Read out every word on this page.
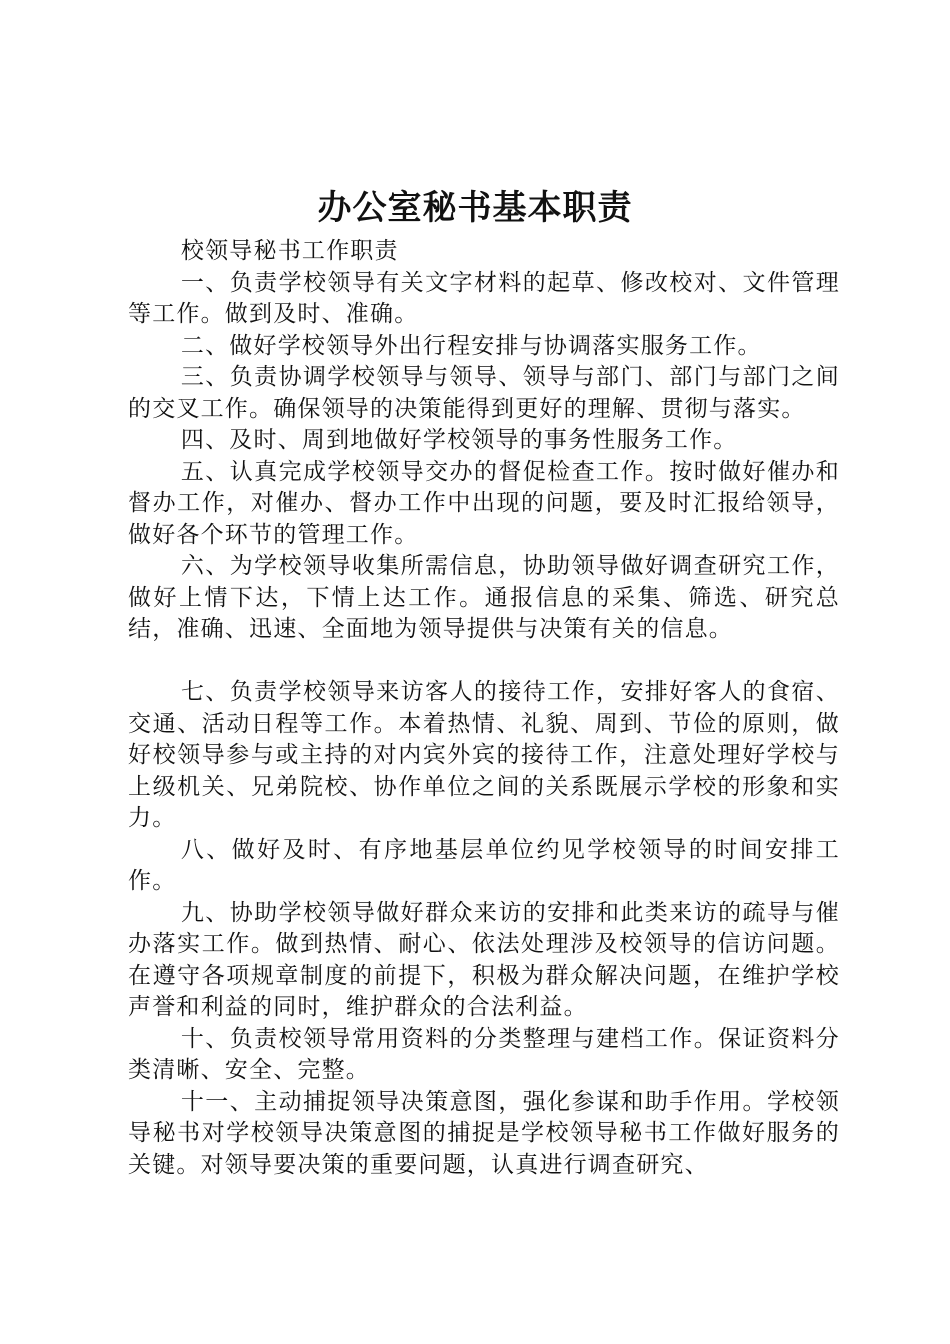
办公室秘书基本职责

校领导秘书工作职责

一、负责学校领导有关文字材料的起草、修改校对、文件管理等工作。做到及时、准确。

二、做好学校领导外出行程安排与协调落实服务工作。

三、负责协调学校领导与领导、领导与部门、部门与部门之间的交叉工作。确保领导的决策能得到更好的理解、贯彻与落实。

四、及时、周到地做好学校领导的事务性服务工作。

五、认真完成学校领导交办的督促检查工作。按时做好催办和督办工作，对催办、督办工作中出现的问题，要及时汇报给领导，做好各个环节的管理工作。

六、为学校领导收集所需信息，协助领导做好调查研究工作，做好上情下达，下情上达工作。通报信息的采集、筛选、研究总结，准确、迅速、全面地为领导提供与决策有关的信息。

七、负责学校领导来访客人的接待工作，安排好客人的食宿、交通、活动日程等工作。本着热情、礼貌、周到、节俭的原则，做好校领导参与或主持的对内宾外宾的接待工作，注意处理好学校与上级机关、兄弟院校、协作单位之间的关系既展示学校的形象和实力。

八、做好及时、有序地基层单位约见学校领导的时间安排工作。

九、协助学校领导做好群众来访的安排和此类来访的疏导与催办落实工作。做到热情、耐心、依法处理涉及校领导的信访问题。在遵守各项规章制度的前提下，积极为群众解决问题，在维护学校声誉和利益的同时，维护群众的合法利益。

十、负责校领导常用资料的分类整理与建档工作。保证资料分类清晰、安全、完整。

十一、主动捕捉领导决策意图，强化参谋和助手作用。学校领导秘书对学校领导决策意图的捕捉是学校领导秘书工作做好服务的关键。对领导要决策的重要问题，认真进行调查研究、
